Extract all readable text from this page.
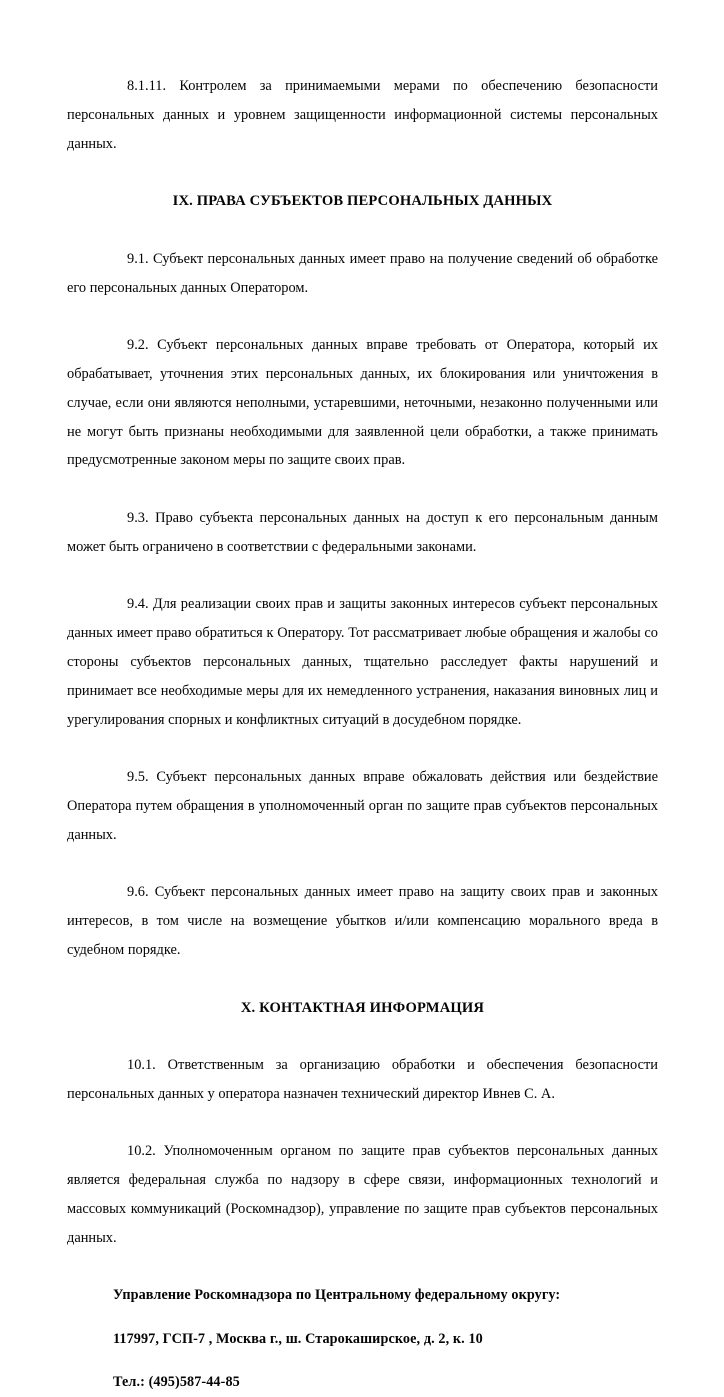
8.1.11. Контролем за принимаемыми мерами по обеспечению безопасности персональных данных и уровнем защищенности информационной системы персональных данных.

IX. ПРАВА СУБЪЕКТОВ ПЕРСОНАЛЬНЫХ ДАННЫХ

9.1. Субъект персональных данных имеет право на получение сведений об обработке его персональных данных Оператором.

9.2. Субъект персональных данных вправе требовать от Оператора, который их обрабатывает, уточнения этих персональных данных, их блокирования или уничтожения в случае, если они являются неполными, устаревшими, неточными, незаконно полученными или не могут быть признаны необходимыми для заявленной цели обработки, а также принимать предусмотренные законом меры по защите своих прав.

9.3. Право субъекта персональных данных на доступ к его персональным данным может быть ограничено в соответствии с федеральными законами.

9.4. Для реализации своих прав и защиты законных интересов субъект персональных данных имеет право обратиться к Оператору. Тот рассматривает любые обращения и жалобы со стороны субъектов персональных данных, тщательно расследует факты нарушений и принимает все необходимые меры для их немедленного устранения, наказания виновных лиц и урегулирования спорных и конфликтных ситуаций в досудебном порядке.

9.5. Субъект персональных данных вправе обжаловать действия или бездействие Оператора путем обращения в уполномоченный орган по защите прав субъектов персональных данных.

9.6. Субъект персональных данных имеет право на защиту своих прав и законных интересов, в том числе на возмещение убытков и/или компенсацию морального вреда в судебном порядке.

X. КОНТАКТНАЯ ИНФОРМАЦИЯ

10.1. Ответственным за организацию обработки и обеспечения безопасности персональных данных у оператора назначен технический директор Ивнев С. А.

10.2. Уполномоченным органом по защите прав субъектов персональных данных является федеральная служба по надзору в сфере связи, информационных технологий и массовых коммуникаций (Роскомнадзор), управление по защите прав субъектов персональных данных.

Управление Роскомнадзора по Центральному федеральному округу:

117997, ГСП-7 , Москва г., ш. Старокаширское, д. 2, к. 10

Тел.: (495)587-44-85
